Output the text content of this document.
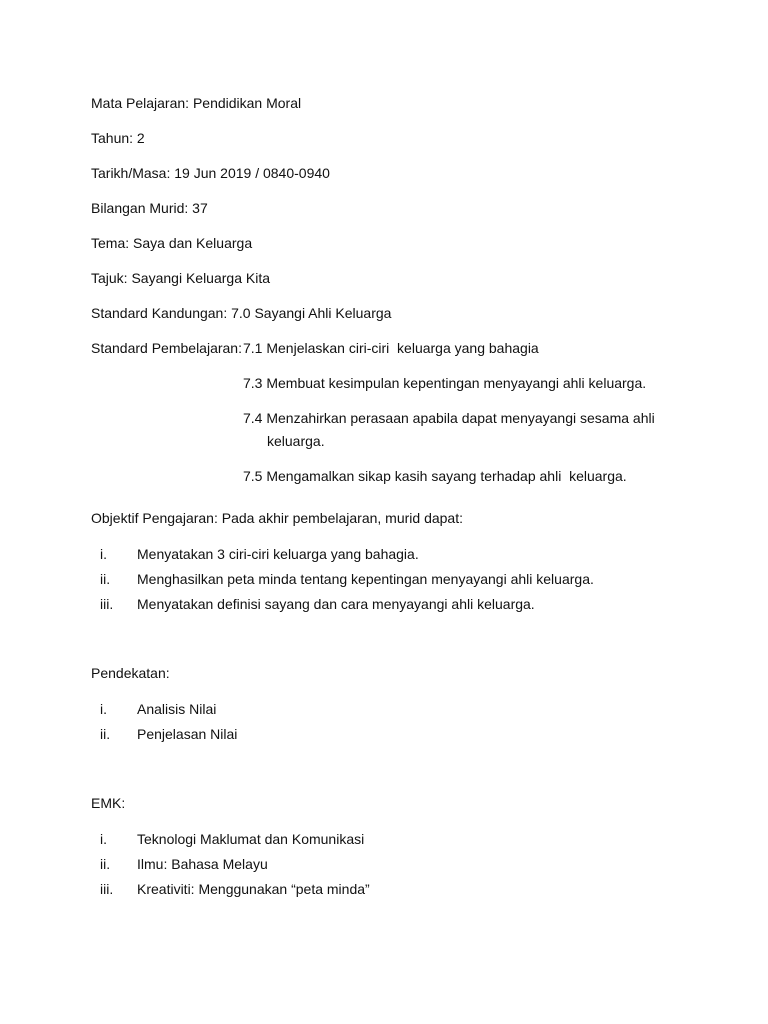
Mata Pelajaran: Pendidikan Moral

Tahun: 2

Tarikh/Masa: 19 Jun 2019 / 0840-0940

Bilangan Murid: 37

Tema: Saya dan Keluarga

Tajuk: Sayangi Keluarga Kita

Standard Kandungan: 7.0 Sayangi Ahli Keluarga

Standard Pembelajaran: 7.1 Menjelaskan ciri-ciri  keluarga yang bahagia

7.3 Membuat kesimpulan kepentingan menyayangi ahli keluarga.

7.4 Menzahirkan perasaan apabila dapat menyayangi sesama ahli keluarga.

7.5 Mengamalkan sikap kasih sayang terhadap ahli  keluarga.

Objektif Pengajaran: Pada akhir pembelajaran, murid dapat:

i.	Menyatakan 3 ciri-ciri keluarga yang bahagia.
ii.	Menghasilkan peta minda tentang kepentingan menyayangi ahli keluarga.
iii.	Menyatakan definisi sayang dan cara menyayangi ahli keluarga.

Pendekatan:

i.	Analisis Nilai
ii.	Penjelasan Nilai

EMK:

i.	Teknologi Maklumat dan Komunikasi
ii.	Ilmu: Bahasa Melayu
iii.	Kreativiti: Menggunakan “peta minda”
